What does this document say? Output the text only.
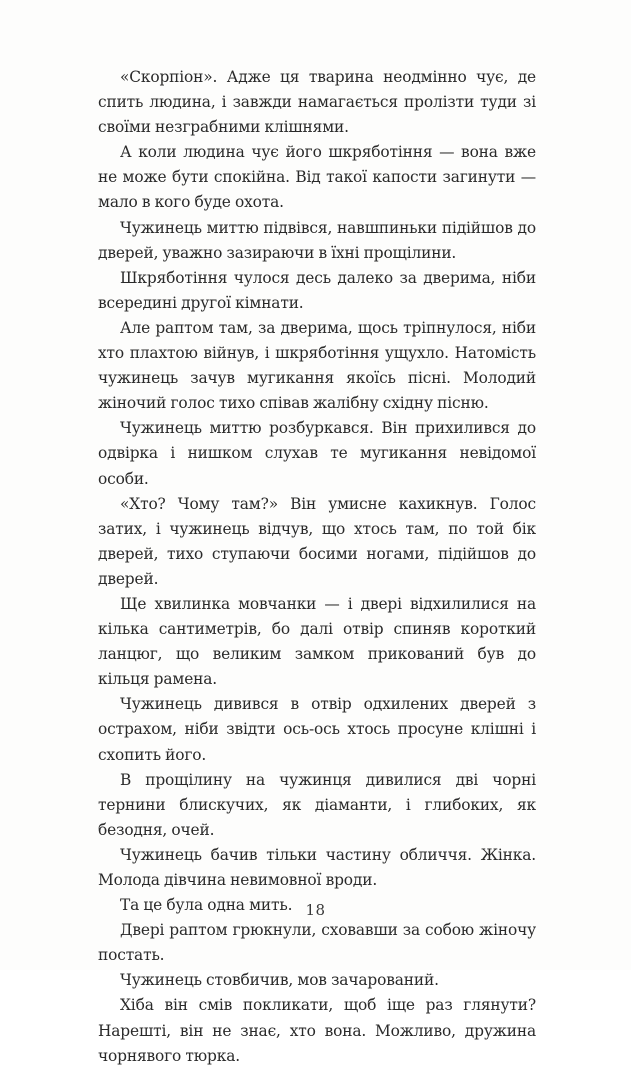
«Скорпіон». Адже ця тварина неодмінно чує, де спить людина, і завжди намагається пролізти туди зі своїми незграбними клішнями.

А коли людина чує його шкряботіння — вона вже не може бути спокійна. Від такої капости загинути — мало в кого буде охота.

Чужинець миттю підвівся, навшпиньки підійшов до дверей, уважно зазираючи в їхні прощілини.

Шкряботіння чулося десь далеко за дверима, ніби всередині другої кімнати.

Але раптом там, за дверима, щось тріпнулося, ніби хто плахтою війнув, і шкряботіння ущухло. Натомість чужинець зачув мугикання якоїсь пісні. Молодий жіночий голос тихо співав жалібну східну пісню.

Чужинець миттю розбуркався. Він прихилився до одвірка і нишком слухав те мугикання невідомої особи.

«Хто? Чому там?» Він умисне кахикнув. Голос затих, і чужинець відчув, що хтось там, по той бік дверей, тихо ступаючи босими ногами, підійшов до дверей.

Ще хвилинка мовчанки — і двері відхилилися на кілька сантиметрів, бо далі отвір спиняв короткий ланцюг, що великим замком прикований був до кільця рамена.

Чужинець дивився в отвір одхилених дверей з острахом, ніби звідти ось-ось хтось просуне клішні і схопить його.

В прощілину на чужинця дивилися дві чорні тернини блискучих, як діаманти, і глибоких, як безодня, очей.

Чужинець бачив тільки частину обличчя. Жінка. Молода дівчина невимовної вроди.

Та це була одна мить.

Двері раптом грюкнули, сховавши за собою жіночу постать.

Чужинець стовбичив, мов зачарований.

Хіба він смів покликати, щоб іще раз глянути? Нарешті, він не знає, хто вона. Можливо, дружина чорнявого тюрка.

18
